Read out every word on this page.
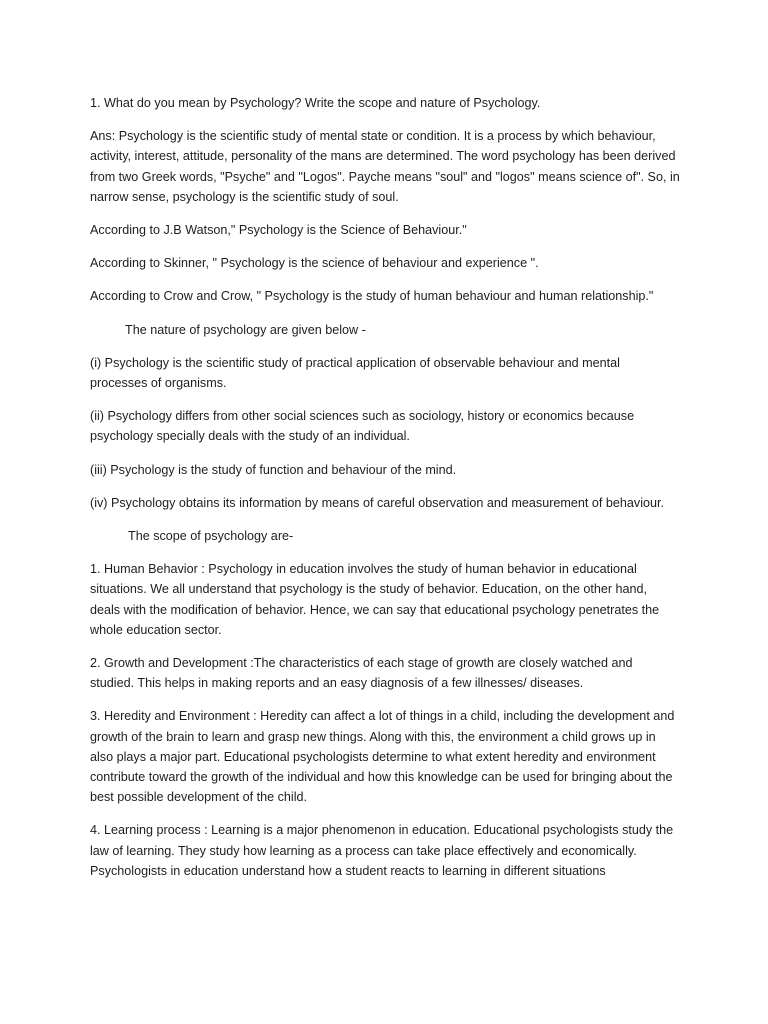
1. What do you mean by Psychology? Write the scope and nature of Psychology.

Ans: Psychology is the scientific study of mental state or condition. It is a process by which behaviour, activity, interest, attitude, personality of the mans are determined. The word psychology has been derived from two Greek words, "Psyche" and "Logos". Payche means "soul" and "logos" means science of". So, in narrow sense, psychology is the scientific study of soul.

According to J.B Watson," Psychology is the Science of Behaviour."

According to Skinner, " Psychology is the science of behaviour and experience ".

According to Crow and Crow, " Psychology is the study of human behaviour and human relationship."

The nature of psychology are given below -

(i) Psychology is the scientific study of practical application of observable behaviour and mental processes of organisms.

(ii) Psychology differs from other social sciences such as sociology, history or economics because psychology specially deals with the study of an individual.

(iii) Psychology is the study of function and behaviour of the mind.

(iv) Psychology obtains its information by means of careful observation and measurement of behaviour.

The scope of psychology are-

1. Human Behavior : Psychology in education involves the study of human behavior in educational situations. We all understand that psychology is the study of behavior. Education, on the other hand, deals with the modification of behavior. Hence, we can say that educational psychology penetrates the whole education sector.

2. Growth and Development :The characteristics of each stage of growth are closely watched and studied. This helps in making reports and an easy diagnosis of a few illnesses/ diseases.

3. Heredity and Environment : Heredity can affect a lot of things in a child, including the development and growth of the brain to learn and grasp new things. Along with this, the environment a child grows up in also plays a major part. Educational psychologists determine to what extent heredity and environment contribute toward the growth of the individual and how this knowledge can be used for bringing about the best possible development of the child.

4. Learning process : Learning is a major phenomenon in education. Educational psychologists study the law of learning. They study how learning as a process can take place effectively and economically. Psychologists in education understand how a student reacts to learning in different situations
